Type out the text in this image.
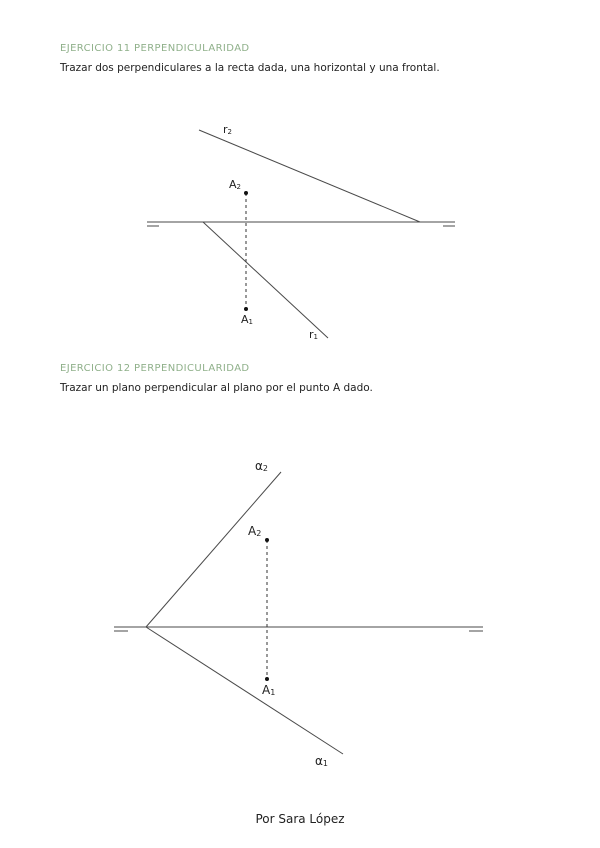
EJERCICIO 11 PERPENDICULARIDAD
Trazar dos perpendiculares a la recta dada, una horizontal y una frontal.
EJERCICIO 12 PERPENDICULARIDAD
Trazar un plano perpendicular al plano por el punto A dado.
r2
A2
A1
r1
α2
A2
A1
α1
Por Sara López
